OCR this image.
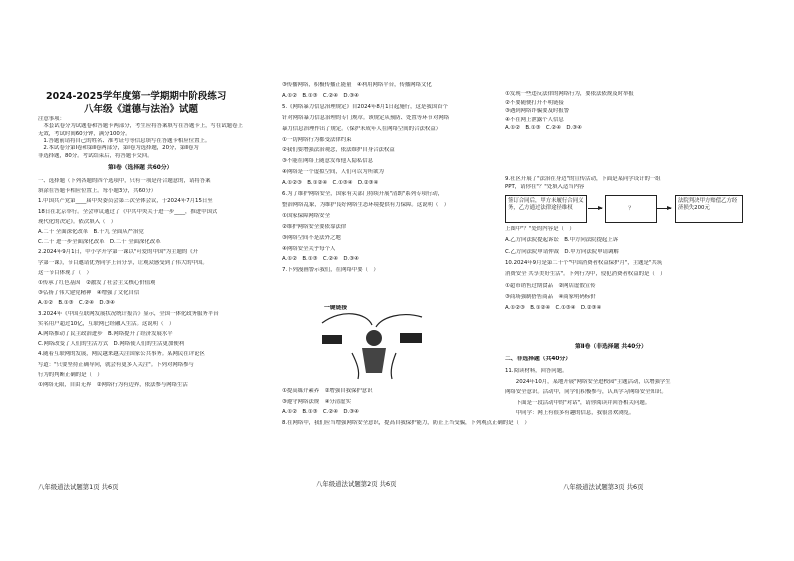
2024-2025学年度第一学期期中阶段练习
八年级《道德与法治》试题
注意事项：
　本套试卷分为试题卷和答题卡两部分，考生应将答案填写在答题卡上，写在试题卷上
无效，考试时间60分钟，满分100分。
　1.答题前请将自己的姓名、准考证号等信息填写在答题卡相应位置上。
　2.本试卷分第Ⅰ卷和第Ⅱ卷两部分，第Ⅰ卷为选择题，20分，第Ⅱ卷为
非选择题，80分。考试结束后，将答题卡交回。
第Ⅰ卷（选择题 共60分）
一、选择题（下列各题的四个选项中，只有一项是符合题意的，请将答案
填涂在答题卡相应位置上。每小题3分，共60分）
1.中国共产党第____届中央委员会第三次全体会议，于2024年7月15日至
18日在北京举行。全会审议通过了《中共中央关于进一步____，推进中国式
现代化的决定》。依次填入（　）
A.二十 全面深化改革　B.十九 全面从严治党
C.二十 进一步全面深化改革　D.二十 全面深化改革
2.2024年9月1日，中小学开学第一课以"可爱的中国"为主题的《开
学第一课》，节目邀请优秀同学上台分享，让观众感受到了伟大的中国。
这一节目体现了（　）
①传承了红色基因　②激发了社会主义核心价值观
③弘扬了伟大建党精神　④增强了文化自信
A.①②　B.①③　C.②④　D.③④
3.2024年《中国互联网发展状况统计报告》显示，全国一体化政务服务平台
实名用户超过10亿，互联网已经融入生活。这说明（　）
A.网络推动了民主政治进步　B.网络提升了经济发展水平
C.网络改变了人们的生活方式　D.网络使人们的生活更加便利
4.随着互联网的发展，网民越来越关注国家公共事务。某网民在评论区
写道："只要坚持正确导向，就会有更多人关注"。下列对网络参与
行为的判断正确的是（　）
①网络无限，自由无界　②网络行为有边界，依法参与网络生活
八年级道法试题第1页 共6页
③传播网络，积极传播正能量　④利用网络平台，传播网络文化
A.①②　B.①③　C.②④　D.③④
5.《网络暴力信息治理规定》自2024年8月1日起施行，这是我国首个
针对网络暴力信息治理的专门规章。该规定从预防、处置等环节对网络
暴力信息治理作出了规定。（保护未成年人在网络空间的合法权益）
①一切网络行为都受法律约束
②我们要增强法治观念，依法维护自身合法权益
③不能在网络上随意发布他人隐私信息
④网络是一个虚拟空间，人们可以为所欲为
A.①②③　B.①②④　C.①③④　D.②③④
6.为了维护网络安全，国家有关部门持续开展"清朗"系列专项行动，
整治网络乱象，为维护良好网络生态环境提供有力保障。这说明（　）
①国家保障网络安全
②维护网络安全要依靠法律
③网络空间不是法外之地
④网络安全关乎每个人
A.①②　B.①③　C.②④　D.③④
7.下列漫画警示我们，在网络中要（　）
一键链接
①提高媒介素养　②增强自我保护意识
③遵守网络法规　④分清虚实
A.①②　B.①③　C.②④　D.③④
8.在网络中，我们应当增强网络安全意识，提高自我保护能力，防止上当受骗，下列观点正确的是（　）
八年级道法试题第2页 共6页
①发现一些违反法律的网络行为，要依法依规及时举报
②不要随便打开不明链接
③遇到网络诈骗要及时报警
④不在网上泄露个人信息
A.①②　B.①③　C.②④　D.③④
9.社区开展了"法治在身边"的宣传活动，下面是某同学设计的一组
PPT，请你在"？"处填入适当内容
签订合同后，甲方未履行合同义务，乙方通过法律途径维权	？
法院判决甲方赔偿乙方经济损失200元
上图中"？"处的内容是（　）
A.乙方向法院提起诉讼　B.甲方向法院提起上诉
C.乙方向法院申请仲裁　D.甲方向法院申请调解
10.2024年9月是第二十个"中国消费者权益保护月"，主题是"共筑
消费安全 共享美好生活"。下列行为中，侵犯消费者权益的是（　）
①超市销售过期食品　②网店虚假宣传
③商场强制搭售商品　④商家明码标价
A.①②③　B.①②④　C.①③④　D.②③④
第Ⅱ卷（非选择题 共40分）
二、非选择题（共40分）
11.阅读材料，回答问题。
　　2024年10月，某地开展"网络安全进校园"主题活动，以增强学生
网络安全意识。活动中，同学们积极参与，认真学习网络安全知识。
　　下面是一段活动中的"对话"，请你阅读并回答相关问题。
　　甲同学：网上有很多有趣的信息，我很喜欢浏览。
八年级道法试题第3页 共6页
